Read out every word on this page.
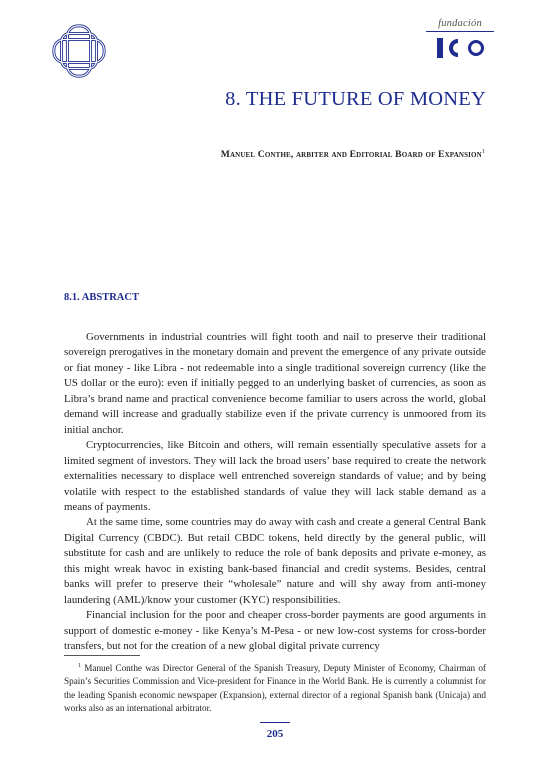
fundación
8. THE FUTURE OF MONEY
Manuel Conthe, arbiter and Editorial Board of Expansion$^1$
8.1. ABSTRACT

Governments in industrial countries will fight tooth and nail to preserve their traditional sovereign prerogatives in the monetary domain and prevent the emergence of any private outside or fiat money - like Libra - not redeemable into a single traditional sovereign currency (like the US dollar or the euro): even if initially pegged to an underlying basket of currencies, as soon as Libra’s brand name and practical convenience become familiar to users across the world, global demand will increase and gradually stabilize even if the private currency is unmoored from its initial anchor.

Cryptocurrencies, like Bitcoin and others, will remain essentially speculative assets for a limited segment of investors. They will lack the broad users’ base required to create the network externalities necessary to displace well entrenched sovereign standards of value; and by being volatile with respect to the established standards of value they will lack stable demand as a means of payments.

At the same time, some countries may do away with cash and create a general Central Bank Digital Currency (CBDC). But retail CBDC tokens, held directly by the general public, will substitute for cash and are unlikely to reduce the role of bank deposits and private e-money, as this might wreak havoc in existing bank-based financial and credit systems. Besides, central banks will prefer to preserve their “wholesale” nature and will shy away from anti-money laundering (AML)/know your customer (KYC) responsibilities.

Financial inclusion for the poor and cheaper cross-border payments are good arguments in support of domestic e-money - like Kenya’s M-Pesa - or new low-cost systems for cross-border transfers, but not for the creation of a new global digital private currency

$^1$ Manuel Conthe was Director General of the Spanish Treasury, Deputy Minister of Economy, Chairman of Spain’s Securities Commission and Vice-president for Finance in the World Bank. He is currently a columnist for the leading Spanish economic newspaper (Expansion), external director of a regional Spanish bank (Unicaja) and works also as an international arbitrator.

205
